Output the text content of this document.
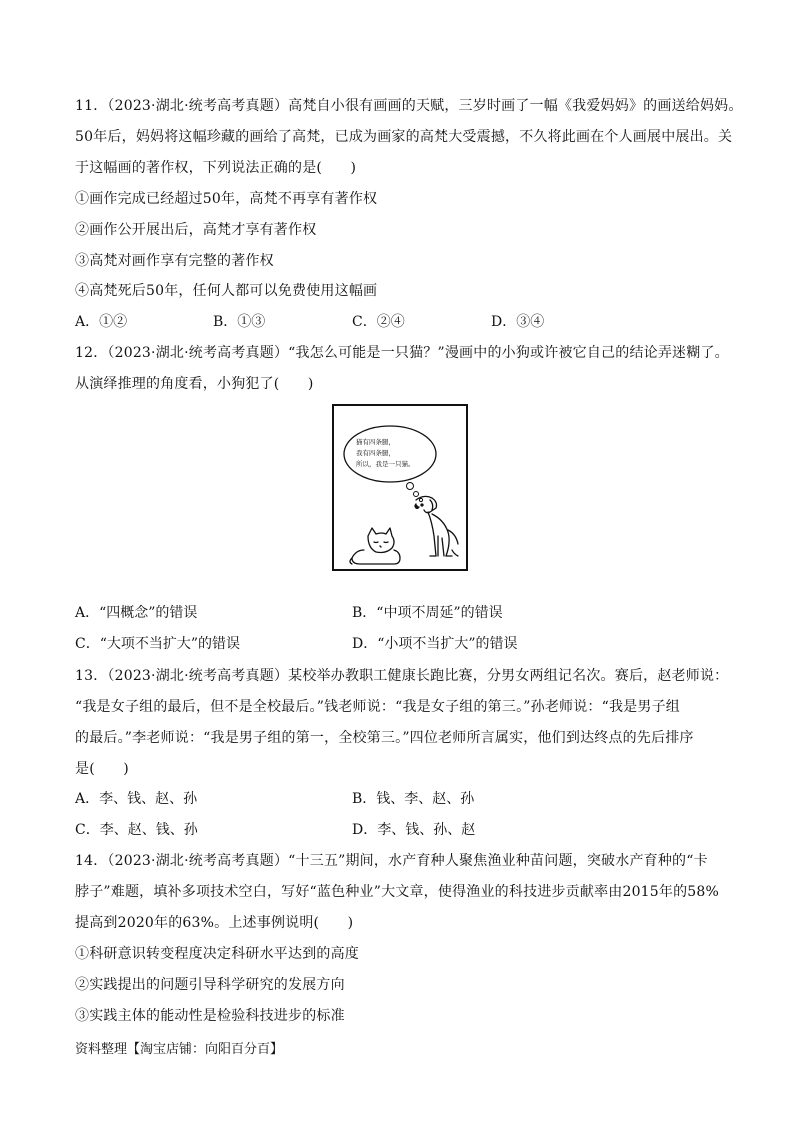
11．（2023·湖北·统考高考真题）高梵自小很有画画的天赋，三岁时画了一幅《我爱妈妈》的画送给妈妈。
50年后，妈妈将这幅珍藏的画给了高梵，已成为画家的高梵大受震撼，不久将此画在个人画展中展出。关
于这幅画的著作权，下列说法正确的是(　　)
①画作完成已经超过50年，高梵不再享有著作权
②画作公开展出后，高梵才享有著作权
③高梵对画作享有完整的著作权
④高梵死后50年，任何人都可以免费使用这幅画
A．①②	B．①③	C．②④	D．③④
12．（2023·湖北·统考高考真题）“我怎么可能是一只猫？”漫画中的小狗或许被它自己的结论弄迷糊了。
从演绎推理的角度看，小狗犯了(　　)
猫有四条腿，
我有四条腿，
所以，我是一只猫。
A．“四概念”的错误	B．“中项不周延”的错误
C．“大项不当扩大”的错误	D．“小项不当扩大”的错误
13．（2023·湖北·统考高考真题）某校举办教职工健康长跑比赛，分男女两组记名次。赛后，赵老师说：
“我是女子组的最后，但不是全校最后。”钱老师说：“我是女子组的第三。”孙老师说：“我是男子组
的最后。”李老师说：“我是男子组的第一，全校第三。”四位老师所言属实，他们到达终点的先后排序
是(　　)
A．李、钱、赵、孙	B．钱、李、赵、孙
C．李、赵、钱、孙	D．李、钱、孙、赵
14．（2023·湖北·统考高考真题）“十三五”期间，水产育种人聚焦渔业种苗问题，突破水产育种的“卡
脖子”难题，填补多项技术空白，写好“蓝色种业”大文章，使得渔业的科技进步贡献率由2015年的58%
提高到2020年的63%。上述事例说明(　　)
①科研意识转变程度决定科研水平达到的高度
②实践提出的问题引导科学研究的发展方向
③实践主体的能动性是检验科技进步的标准
资料整理【淘宝店铺：向阳百分百】
